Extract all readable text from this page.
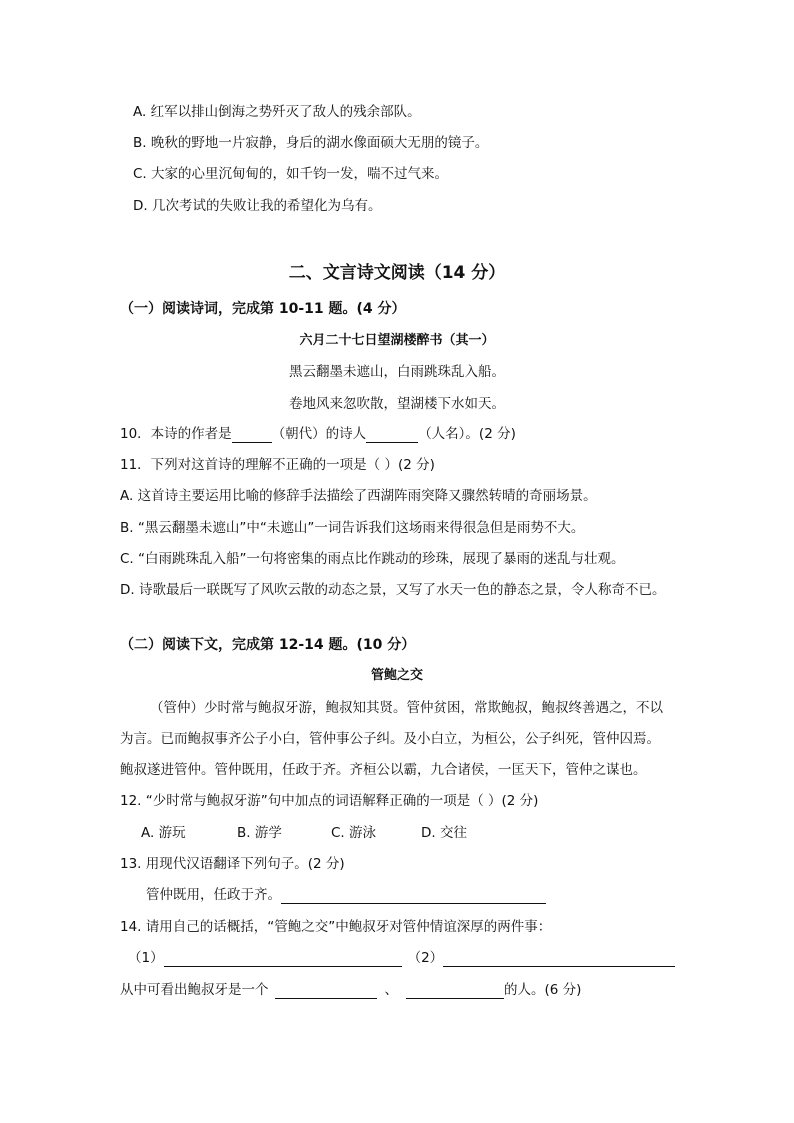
A. 红军以排山倒海之势歼灭了敌人的残余部队。
B. 晚秋的野地一片寂静，身后的湖水像面硕大无朋的镜子。
C. 大家的心里沉甸甸的，如千钧一发，喘不过气来。
D. 几次考试的失败让我的希望化为乌有。
二、文言诗文阅读（14 分）
（一）阅读诗词，完成第 10-11 题。(4 分）
六月二十七日望湖楼醉书（其一）
黑云翻墨未遮山，白雨跳珠乱入船。
卷地风来忽吹散，望湖楼下水如天。
10．本诗的作者是	（朝代）的诗人	（人名）。(2 分)
11．下列对这首诗的理解不正确的一项是（ ）(2 分)
A. 这首诗主要运用比喻的修辞手法描绘了西湖阵雨突降又骤然转晴的奇丽场景。
B. “黑云翻墨未遮山”中“未遮山”一词告诉我们这场雨来得很急但是雨势不大。
C. “白雨跳珠乱入船”一句将密集的雨点比作跳动的珍珠，展现了暴雨的迷乱与壮观。
D. 诗歌最后一联既写了风吹云散的动态之景，又写了水天一色的静态之景，令人称奇不已。
（二）阅读下文，完成第 12-14 题。(10 分）
管鲍之交
（管仲）少时常与鲍叔牙游，鲍叔知其贤。管仲贫困，常欺鲍叔，鲍叔终善遇之，不以
为言。已而鲍叔事齐公子小白，管仲事公子纠。及小白立，为桓公，公子纠死，管仲囚焉。
鲍叔遂进管仲。管仲既用，任政于齐。齐桓公以霸，九合诸侯，一匡天下，管仲之谋也。
12. “少时常与鲍叔牙游”句中加点的词语解释正确的一项是（ ）(2 分)
A. 游玩	B. 游学	C. 游泳	D. 交往
13. 用现代汉语翻译下列句子。(2 分)
管仲既用，任政于齐。
14. 请用自己的话概括，“管鲍之交”中鲍叔牙对管仲情谊深厚的两件事：
（1）	（2）
从中可看出鲍叔牙是一个	、	的人。(6 分)
